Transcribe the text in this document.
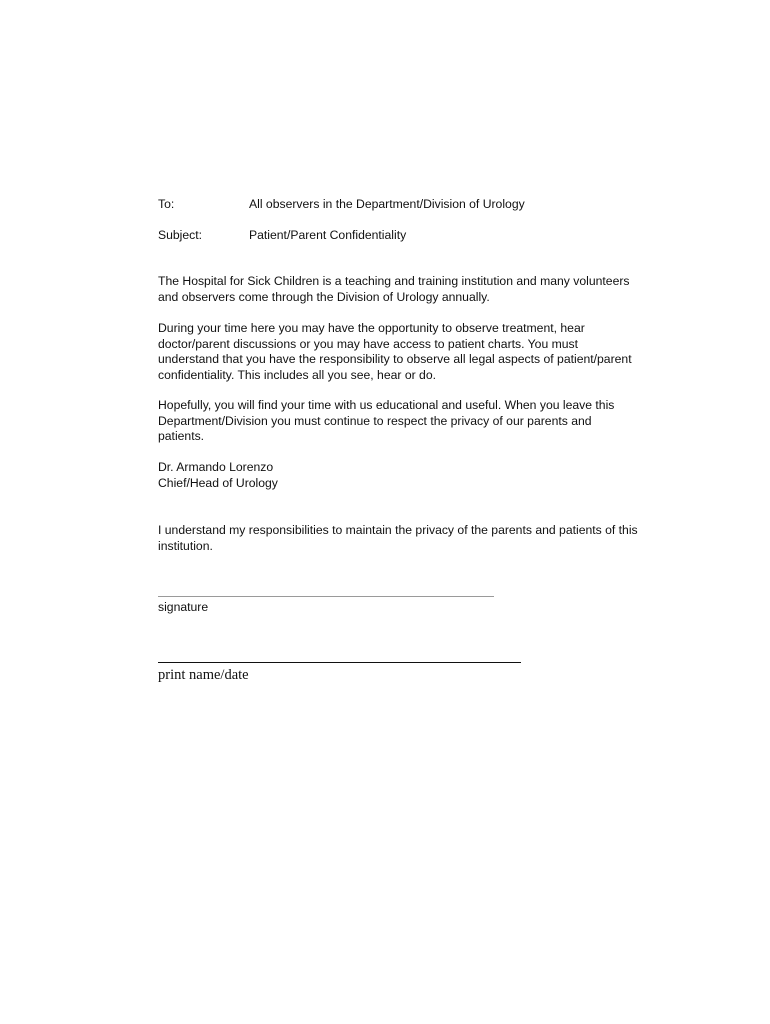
To:	All observers in the Department/Division of Urology
Subject:	Patient/Parent Confidentiality

The Hospital for Sick Children is a teaching and training institution and many volunteers
and observers come through the Division of Urology annually.

During your time here you may have the opportunity to observe treatment, hear
doctor/parent discussions or you may have access to patient charts. You must
understand that you have the responsibility to observe all legal aspects of patient/parent
confidentiality. This includes all you see, hear or do.

Hopefully, you will find your time with us educational and useful. When you leave this
Department/Division you must continue to respect the privacy of our parents and
patients.

Dr. Armando Lorenzo
Chief/Head of Urology

I understand my responsibilities to maintain the privacy of the parents and patients of this
institution.

signature
print name/date
